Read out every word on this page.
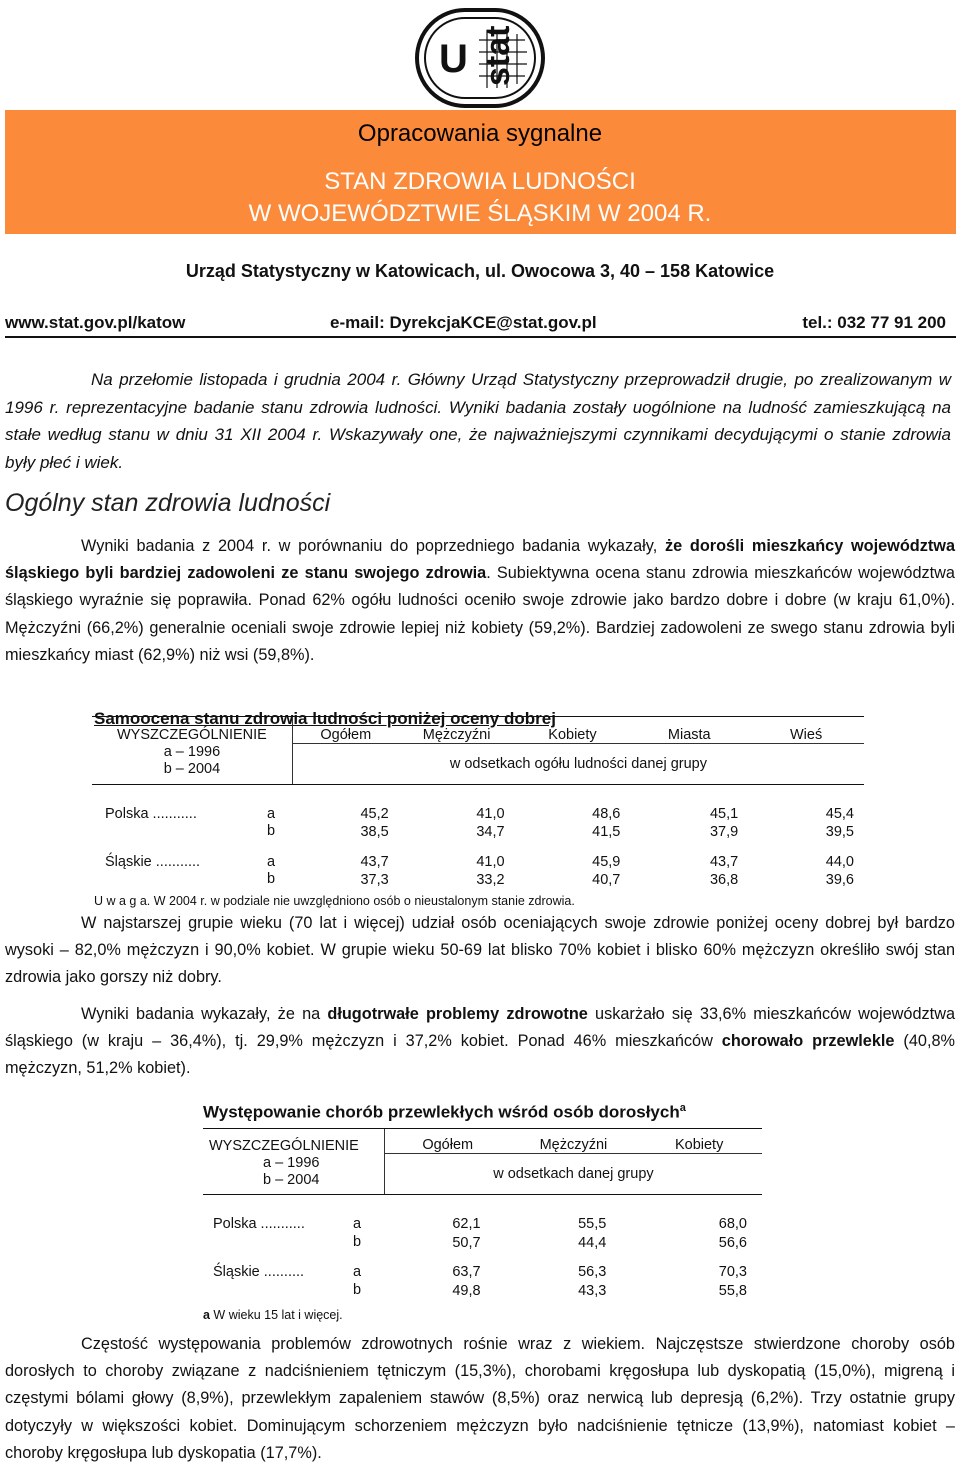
U stat
Opracowania sygnalne
STAN ZDROWIA LUDNOŚCI
W WOJEWÓDZTWIE ŚLĄSKIM W 2004 R.
Urząd Statystyczny w Katowicach, ul. Owocowa 3, 40 – 158 Katowice
www.stat.gov.pl/katow	e-mail: DyrekcjaKCE@stat.gov.pl	tel.: 032 77 91 200

Na przełomie listopada i grudnia 2004 r. Główny Urząd Statystyczny przeprowadził drugie, po zrealizowanym w 1996 r. reprezentacyjne badanie stanu zdrowia ludności. Wyniki badania zostały uogólnione na ludność zamieszkującą na stałe według stanu w dniu 31 XII 2004 r. Wskazywały one, że najważniejszymi czynnikami decydującymi o stanie zdrowia były płeć i wiek.

Ogólny stan zdrowia ludności

Wyniki badania z 2004 r. w porównaniu do poprzedniego badania wykazały, że dorośli mieszkańcy województwa śląskiego byli bardziej zadowoleni ze stanu swojego zdrowia. Subiektywna ocena stanu zdrowia mieszkańców województwa śląskiego wyraźnie się poprawiła. Ponad 62% ogółu ludności oceniło swoje zdrowie jako bardzo dobre i dobre (w kraju 61,0%). Mężczyźni (66,2%) generalnie oceniali swoje zdrowie lepiej niż kobiety (59,2%). Bardziej zadowoleni ze swego stanu zdrowia byli mieszkańcy miast (62,9%) niż wsi (59,8%).

Samoocena stanu zdrowia ludności poniżej oceny dobrej
WYSZCZEGÓLNIENIE
a – 1996
b – 2004	Ogółem	Mężczyźni	Kobiety	Miasta	Wieś

	w odsetkach ogółu ludności danej grupy				

Polska ........... a	45,2	41,0	48,6	45,1	45,4

b	38,5	34,7	41,5	37,9	39,5

Śląskie ........... a	43,7	41,0	45,9	43,7	44,0

b	37,3	33,2	40,7	36,8	39,6
U w a g a. W 2004 r. w podziale nie uwzględniono osób o nieustalonym stanie zdrowia.					

W najstarszej grupie wieku (70 lat i więcej) udział osób oceniających swoje zdrowie poniżej oceny dobrej był bardzo wysoki – 82,0% mężczyzn i 90,0% kobiet. W grupie wieku 50-69 lat blisko 70% kobiet i blisko 60% mężczyzn określiło swój stan zdrowia jako gorszy niż dobry.

Wyniki badania wykazały, że na długotrwałe problemy zdrowotne uskarżało się 33,6% mieszkańców województwa śląskiego (w kraju – 36,4%), tj. 29,9% mężczyzn i 37,2% kobiet. Ponad 46% mieszkańców chorowało przewlekle (40,8% mężczyzn, 51,2% kobiet).

Występowanie chorób przewlekłych wśród osób dorosłych$^a$
WYSZCZEGÓLNIENIE
a – 1996
b – 2004	Ogółem	Mężczyźni	Kobiety

	w odsetkach danej grupy		

Polska ........... a	62,1	55,5	68,0

b	50,7	44,4	56,6

Śląskie .......... a	63,7	56,3	70,3

b	49,8	43,3	55,8
a W wieku 15 lat i więcej.			

Częstość występowania problemów zdrowotnych rośnie wraz z wiekiem. Najczęstsze stwierdzone choroby osób dorosłych to choroby związane z nadciśnieniem tętniczym (15,3%), chorobami kręgosłupa lub dyskopatią (15,0%), migreną i częstymi bólami głowy (8,9%), przewlekłym zapaleniem stawów (8,5%) oraz nerwicą lub depresją (6,2%). Trzy ostatnie grupy dotyczyły w większości kobiet. Dominującym schorzeniem mężczyzn było nadciśnienie tętnicze (13,9%), natomiast kobiet – choroby kręgosłupa lub dyskopatia (17,7%).
